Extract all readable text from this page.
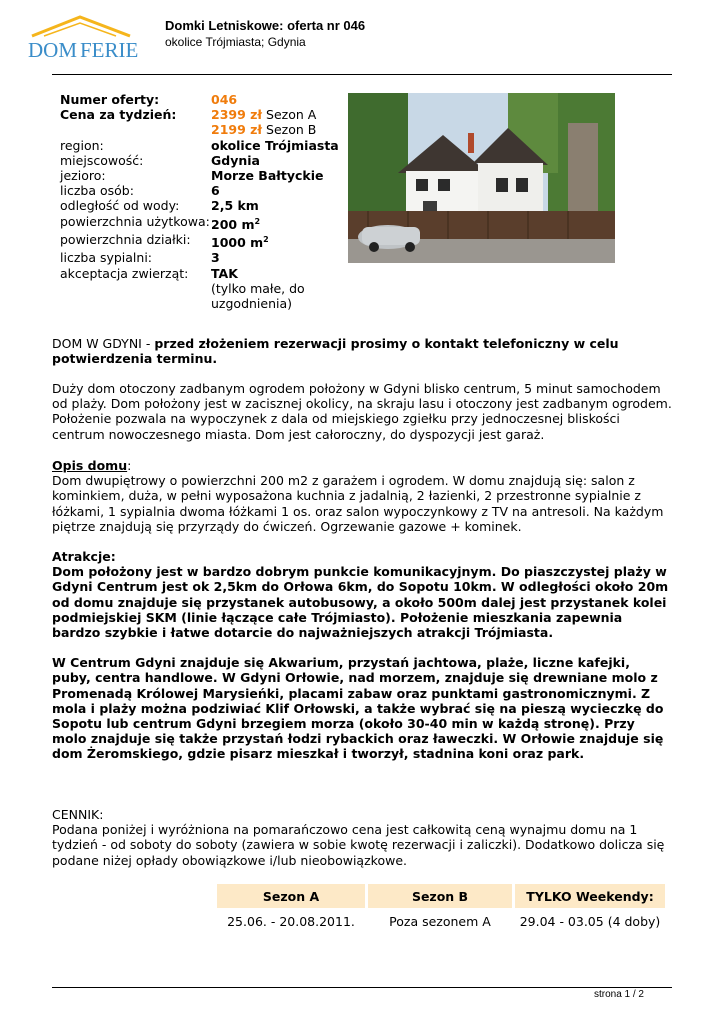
DOM FERIE
Domki Letniskowe: oferta nr 046
okolice Trójmiasta; Gdynia
Numer oferty:	046
Cena za tydzień:	2399 zł Sezon A
2199 zł Sezon B
region:	okolice Trójmiasta
miejscowość:	Gdynia
jezioro:	Morze Bałtyckie
liczba osób:	6
odległość od wody:	2,5 km
powierzchnia użytkowa: 200 $m^2$
powierzchnia działki:	1000 $m^2$
liczba sypialni:	3
akceptacja zwierząt:	TAK
(tylko małe, do
uzgodnienia)

DOM W GDYNI - przed złożeniem rezerwacji prosimy o kontakt telefoniczny w celu potwierdzenia terminu.

Duży dom otoczony zadbanym ogrodem położony w Gdyni blisko centrum, 5 minut samochodem od plaży. Dom położony jest w zacisznej okolicy, na skraju lasu i otoczony jest zadbanym ogrodem. Położenie pozwala na wypoczynek z dala od miejskiego zgiełku przy jednoczesnej bliskości centrum nowoczesnego miasta. Dom jest całoroczny, do dyspozycji jest garaż.

Opis domu:

Dom dwupiętrowy o powierzchni 200 m2 z garażem i ogrodem. W domu znajdują się: salon z kominkiem, duża, w pełni wyposażona kuchnia z jadalnią, 2 łazienki, 2 przestronne sypialnie z łóżkami, 1 sypialnia dwoma łóżkami 1 os. oraz salon wypoczynkowy z TV na antresoli. Na każdym piętrze znajdują się przyrządy do ćwiczeń. Ogrzewanie gazowe + kominek.

Atrakcje:

Dom położony jest w bardzo dobrym punkcie komunikacyjnym. Do piaszczystej plaży w Gdyni Centrum jest ok 2,5km do Orłowa 6km, do Sopotu 10km. W odległości około 20m od domu znajduje się przystanek autobusowy, a około 500m dalej jest przystanek kolei podmiejskiej SKM (linie łączące całe Trójmiasto). Położenie mieszkania zapewnia bardzo szybkie i łatwe dotarcie do najważniejszych atrakcji Trójmiasta.

W Centrum Gdyni znajduje się Akwarium, przystań jachtowa, plaże, liczne kafejki, puby, centra handlowe. W Gdyni Orłowie, nad morzem, znajduje się drewniane molo z Promenadą Królowej Marysieńki, placami zabaw oraz punktami gastronomicznymi. Z mola i plaży można podziwiać Klif Orłowski, a także wybrać się na pieszą wycieczkę do Sopotu lub centrum Gdyni brzegiem morza (około 30-40 min w każdą stronę). Przy molo znajduje się także przystań łodzi rybackich oraz ławeczki. W Orłowie znajduje się dom Żeromskiego, gdzie pisarz mieszkał i tworzył, stadnina koni oraz park.

CENNIK:

Podana poniżej i wyróżniona na pomarańczowo cena jest całkowitą ceną wynajmu domu na 1 tydzień - od soboty do soboty (zawiera w sobie kwotę rezerwacji i zaliczki). Dodatkowo dolicza się podane niżej opłady obowiązkowe i/lub nieobowiązkowe.

Sezon A	Sezon B	TYLKO Weekendy:
25.06. - 20.08.2011.	Poza sezonem A	29.04 - 03.05 (4 doby)
strona 1 / 2
